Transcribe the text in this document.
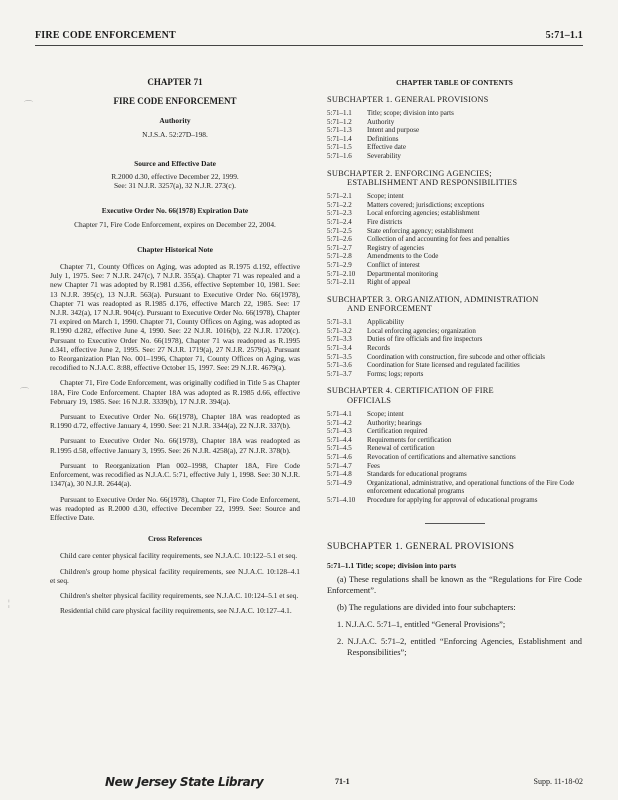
FIRE CODE ENFORCEMENT	5:71–1.1
⌒
⌒
¦
CHAPTER 71
FIRE CODE ENFORCEMENT
Authority
N.J.S.A. 52:27D–198.
Source and Effective Date
R.2000 d.30, effective December 22, 1999.
See: 31 N.J.R. 3257(a), 32 N.J.R. 273(c).
Executive Order No. 66(1978) Expiration Date
Chapter 71, Fire Code Enforcement, expires on December 22, 2004.
Chapter Historical Note
Chapter 71, County Offices on Aging, was adopted as R.1975 d.192, effective July 1, 1975. See: 7 N.J.R. 247(c), 7 N.J.R. 355(a). Chapter 71 was repealed and a new Chapter 71 was adopted by R.1981 d.356, effective September 10, 1981. See: 13 N.J.R. 395(c), 13 N.J.R. 563(a). Pursuant to Executive Order No. 66(1978), Chapter 71 was readopted as R.1985 d.176, effective March 22, 1985. See: 17 N.J.R. 342(a), 17 N.J.R. 904(c). Pursuant to Executive Order No. 66(1978), Chapter 71 expired on March 1, 1990. Chapter 71, County Offices on Aging, was adopted as R.1990 d.282, effective June 4, 1990. See: 22 N.J.R. 1016(b), 22 N.J.R. 1720(c). Pursuant to Executive Order No. 66(1978), Chapter 71 was readopted as R.1995 d.341, effective June 2, 1995. See: 27 N.J.R. 1719(a), 27 N.J.R. 2579(a). Pursuant to Reorganization Plan No. 001–1996, Chapter 71, County Offices on Aging, was recodified to N.J.A.C. 8:88, effective October 15, 1997. See: 29 N.J.R. 4679(a).
Chapter 71, Fire Code Enforcement, was originally codified in Title 5 as Chapter 18A, Fire Code Enforcement. Chapter 18A was adopted as R.1985 d.66, effective February 19, 1985. See: 16 N.J.R. 3339(b), 17 N.J.R. 394(a).
Pursuant to Executive Order No. 66(1978), Chapter 18A was readopted as R.1990 d.72, effective January 4, 1990. See: 21 N.J.R. 3344(a), 22 N.J.R. 337(b).
Pursuant to Executive Order No. 66(1978), Chapter 18A was readopted as R.1995 d.58, effective January 3, 1995. See: 26 N.J.R. 4258(a), 27 N.J.R. 378(b).
Pursuant to Reorganization Plan 002–1998, Chapter 18A, Fire Code Enforcement, was recodified as N.J.A.C. 5:71, effective July 1, 1998. See: 30 N.J.R. 1347(a), 30 N.J.R. 2644(a).
Pursuant to Executive Order No. 66(1978), Chapter 71, Fire Code Enforcement, was readopted as R.2000 d.30, effective December 22, 1999. See: Source and Effective Date.
Cross References
Child care center physical facility requirements, see N.J.A.C. 10:122–5.1 et seq.
Children's group home physical facility requirements, see N.J.A.C. 10:128–4.1 et seq.
Children's shelter physical facility requirements, see N.J.A.C. 10:124–5.1 et seq.
Residential child care physical facility requirements, see N.J.A.C. 10:127–4.1.
CHAPTER TABLE OF CONTENTS
SUBCHAPTER 1. GENERAL PROVISIONS
5:71–1.1	Title; scope; division into parts
5:71–1.2	Authority
5:71–1.3	Intent and purpose
5:71–1.4	Definitions
5:71–1.5	Effective date
5:71–1.6	Severability
SUBCHAPTER 2. ENFORCING AGENCIES;
ESTABLISHMENT AND RESPONSIBILITIES
5:71–2.1	Scope; intent
5:71–2.2	Matters covered; jurisdictions; exceptions
5:71–2.3	Local enforcing agencies; establishment
5:71–2.4	Fire districts
5:71–2.5	State enforcing agency; establishment
5:71–2.6	Collection of and accounting for fees and penalties
5:71–2.7	Registry of agencies
5:71–2.8	Amendments to the Code
5:71–2.9	Conflict of interest
5:71–2.10	Departmental monitoring
5:71–2.11	Right of appeal
SUBCHAPTER 3. ORGANIZATION, ADMINISTRATION
AND ENFORCEMENT
5:71–3.1	Applicability
5:71–3.2	Local enforcing agencies; organization
5:71–3.3	Duties of fire officials and fire inspectors
5:71–3.4	Records
5:71–3.5	Coordination with construction, fire subcode and other officials
5:71–3.6	Coordination for State licensed and regulated facilities
5:71–3.7	Forms; logs; reports
SUBCHAPTER 4. CERTIFICATION OF FIRE
OFFICIALS
5:71–4.1	Scope; intent
5:71–4.2	Authority; hearings
5:71–4.3	Certification required
5:71–4.4	Requirements for certification
5:71–4.5	Renewal of certification
5:71–4.6	Revocation of certifications and alternative sanctions
5:71–4.7	Fees
5:71–4.8	Standards for educational programs
5:71–4.9	Organizational, administrative, and operational functions of the Fire Code enforcement educational programs
5:71–4.10	Procedure for applying for approval of educational programs
SUBCHAPTER 1. GENERAL PROVISIONS
5:71–1.1 Title; scope; division into parts
(a) These regulations shall be known as the “Regulations for Fire Code Enforcement”.
(b) The regulations are divided into four subchapters:
1. N.J.A.C. 5:71–1, entitled “General Provisions”;
2. N.J.A.C. 5:71–2, entitled “Enforcing Agencies, Establishment and Responsibilities”;
New Jersey State Library	71-1	Supp. 11-18-02
